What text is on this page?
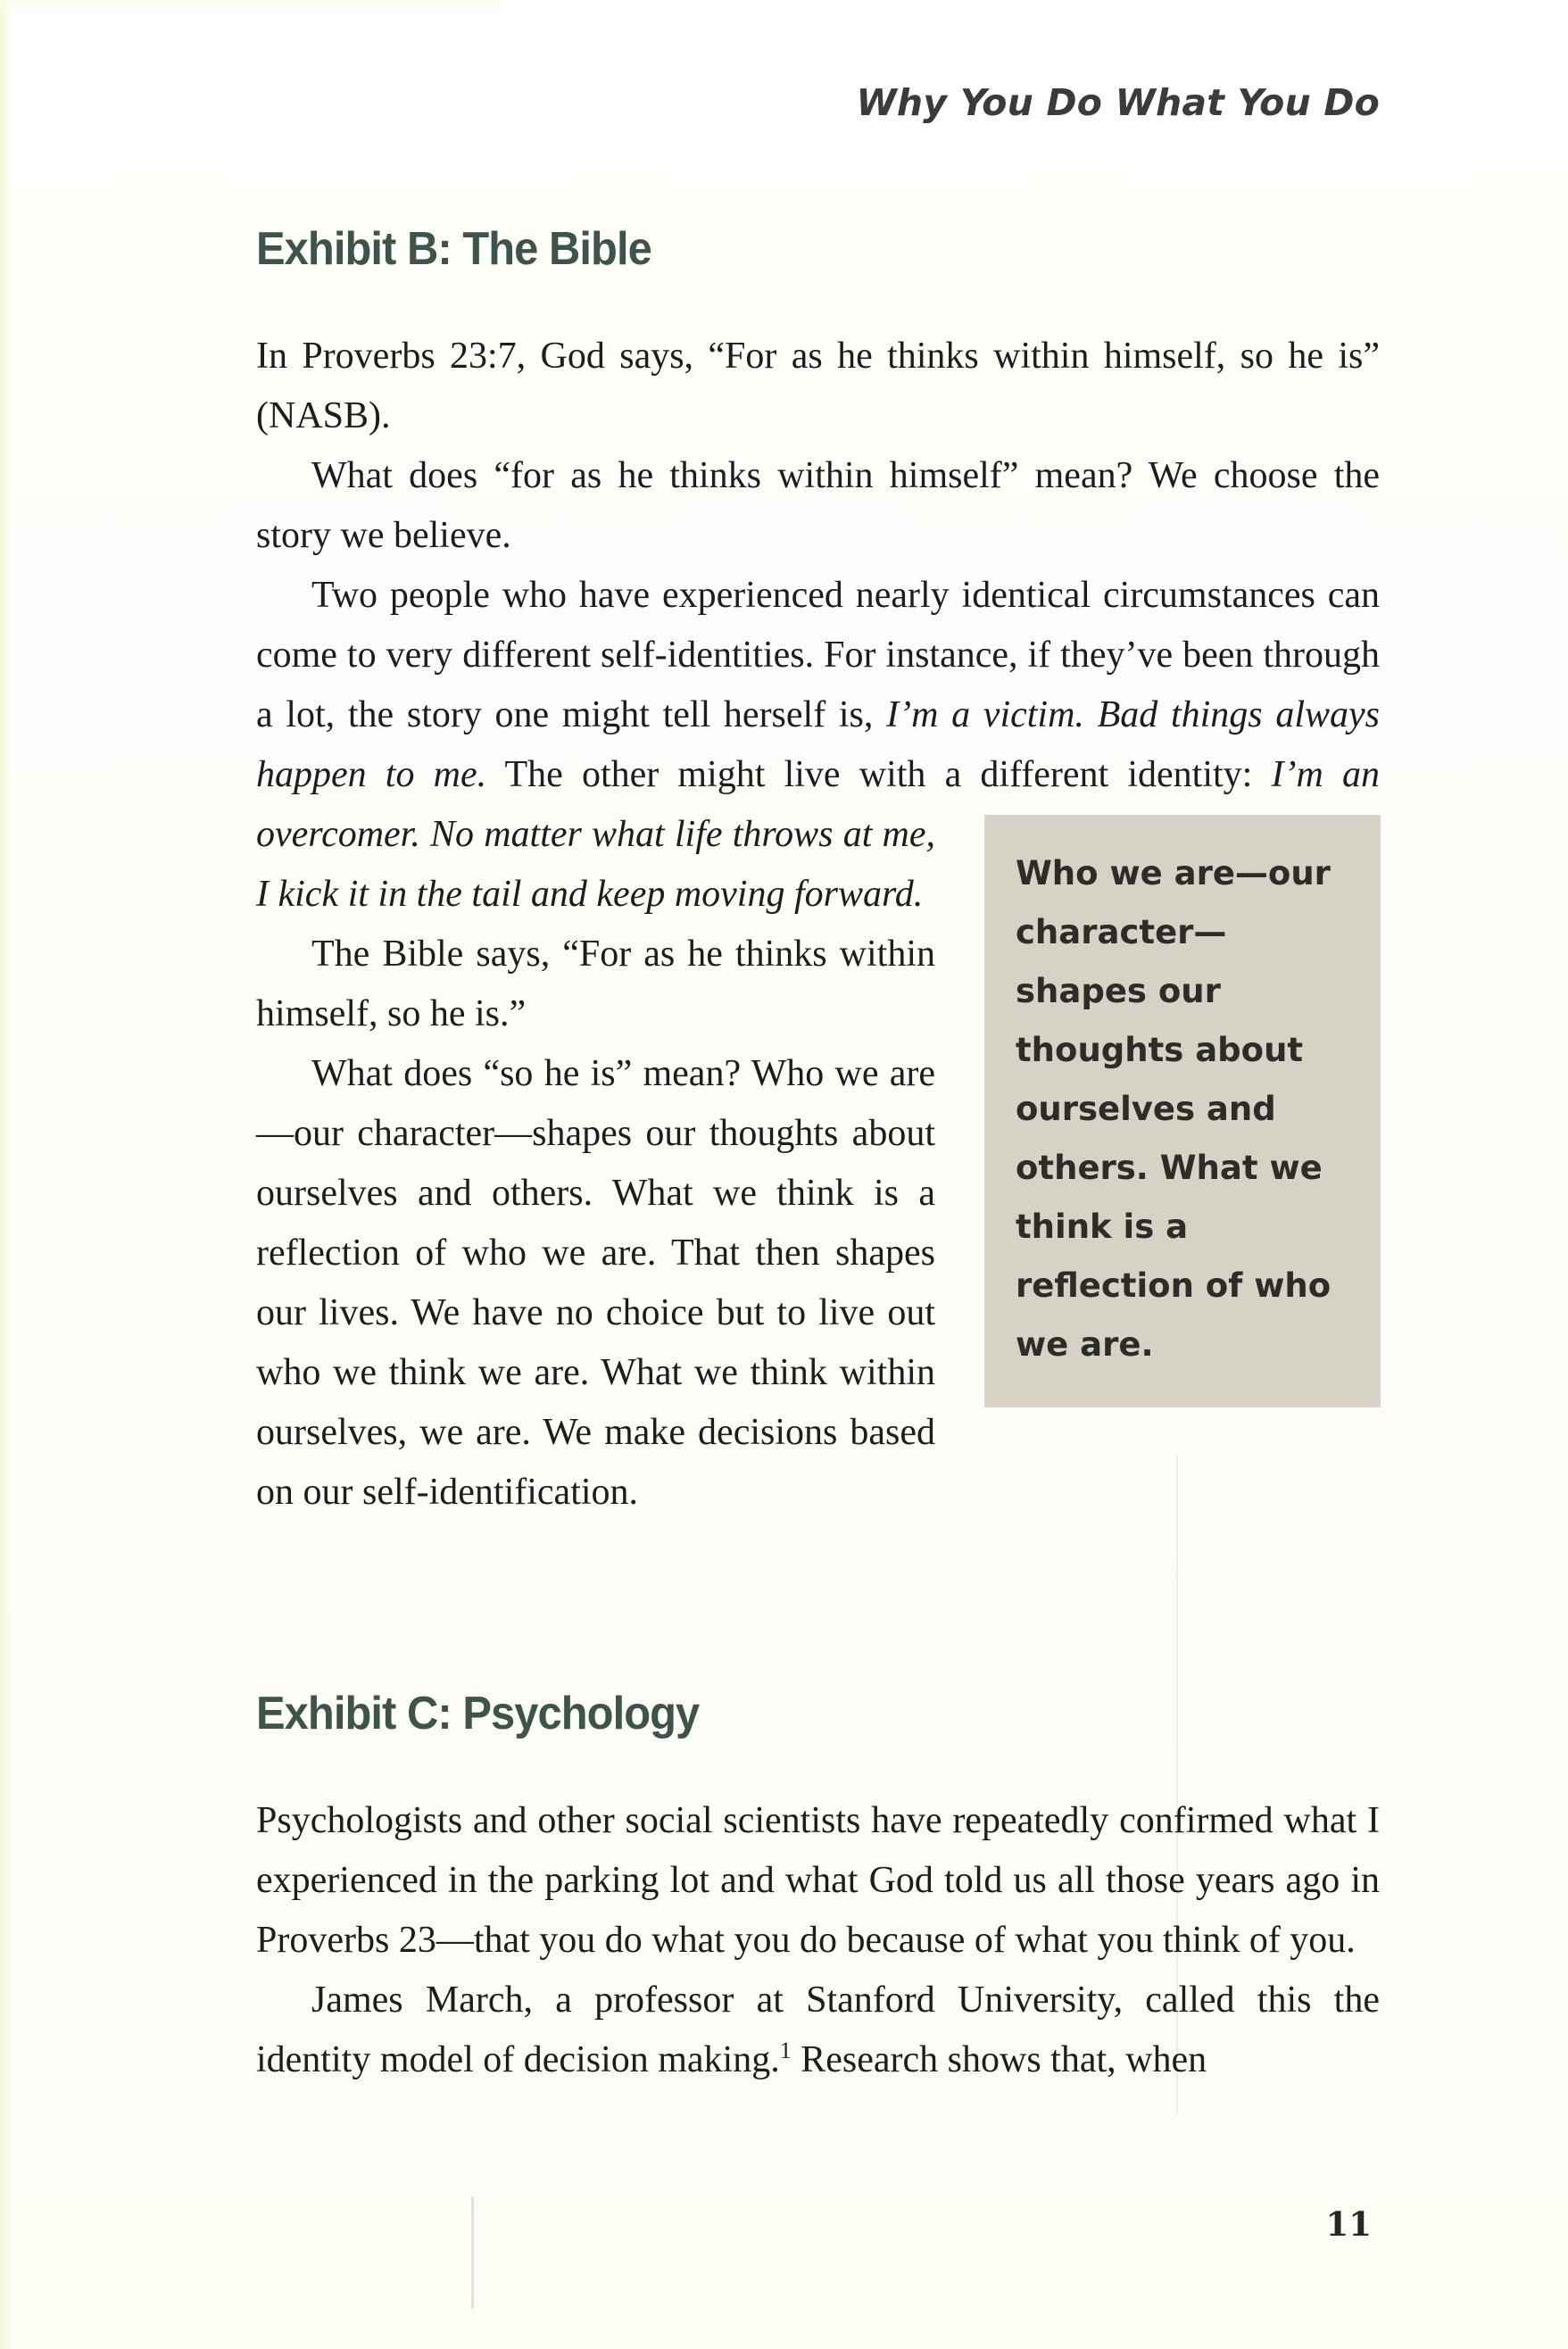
Why You Do What You Do
Exhibit B: The Bible

In Proverbs 23:7, God says, “For as he thinks within himself, so he is” (NASB).

What does “for as he thinks within himself” mean? We choose the story we believe.

Two people who have experienced nearly identical circumstances can come to very different self-identities. For instance, if they’ve been through a lot, the story one might tell herself is, I’m a victim. Bad things always happen to me. The other might live with a different identity: I’m an overcomer. No matter what life throws
Who we are—our character—shapes our thoughts about ourselves and others. What we think is a reflection of who we are.
at me, I kick it in the tail and keep moving forward.

The Bible says, “For as he thinks within himself, so he is.”

What does “so he is” mean? Who we are—our character—shapes our thoughts about ourselves and others. What we think is a reflection of who we are. That then shapes our lives. We have no choice but to live out who we think we are. What we think within ourselves, we are. We make decisions based on our self-identification.

Exhibit C: Psychology

Psychologists and other social scientists have repeatedly confirmed what I experienced in the parking lot and what God told us all those years ago in Proverbs 23—that you do what you do because of what you think of you.

James March, a professor at Stanford University, called this the identity model of decision making.$^1$ Research shows that, when

11
